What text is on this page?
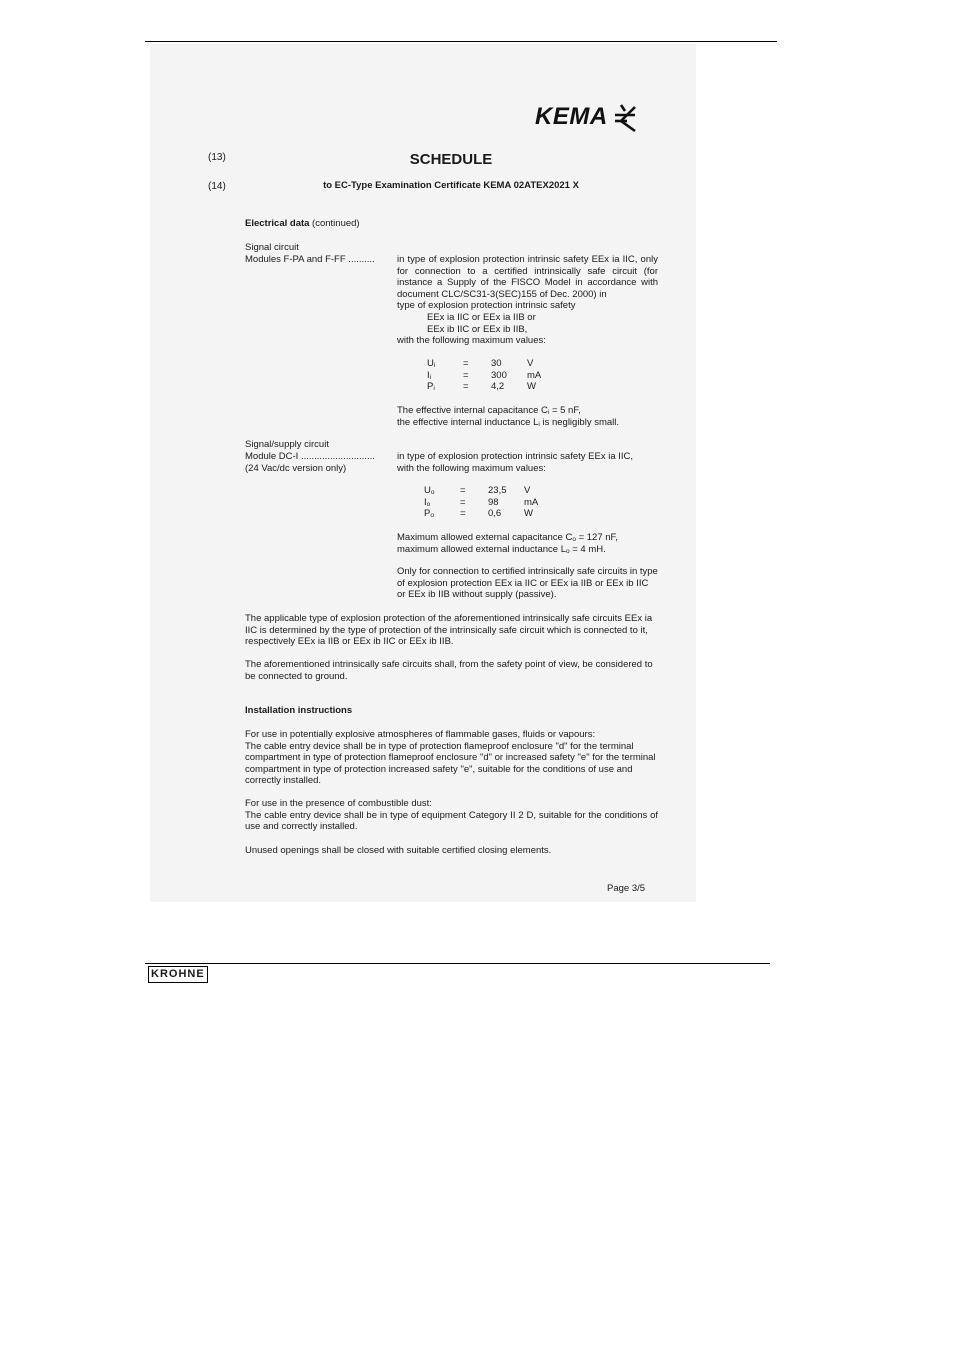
KEMA
(13)	SCHEDULE
(14)	to EC-Type Examination Certificate KEMA 02ATEX2021 X
Electrical data (continued)
Signal circuit
Modules F-PA and F-FF ..........	in type of explosion protection intrinsic safety EEx ia IIC, only for connection to a certified intrinsically safe circuit (for instance a Supply of the FISCO Model in accordance with document CLC/SC31-3(SEC)155 of Dec. 2000) in
type of explosion protection intrinsic safety
EEx ia IIC or EEx ia IIB or
EEx ib IIC or EEx ib IIB,
with the following maximum values:
$U_i$	=	30	V
$I_i$	=	300	mA
$P_i$	=	4,2	W
The effective internal capacitance $C_i = 5$ nF,
the effective internal inductance $L_i$ is negligibly small.
Signal/supply circuit
Module DC-I ............................
(24 Vac/dc version only)
in type of explosion protection intrinsic safety EEx ia IIC,
with the following maximum values:
$U_o$	=	23,5	V
$I_o$	=	98	mA
$P_o$	=	0,6	W
Maximum allowed external capacitance $C_o = 127$ nF,
maximum allowed external inductance $L_o = 4$ mH.
Only for connection to certified intrinsically safe circuits in type of explosion protection EEx ia IIC or EEx ia IIB or EEx ib IIC or EEx ib IIB without supply (passive).
The applicable type of explosion protection of the aforementioned intrinsically safe circuits EEx ia IIC is determined by the type of protection of the intrinsically safe circuit which is connected to it, respectively EEx ia IIB or EEx ib IIC or EEx ib IIB.
The aforementioned intrinsically safe circuits shall, from the safety point of view, be considered to be connected to ground.
Installation instructions
For use in potentially explosive atmospheres of flammable gases, fluids or vapours:
The cable entry device shall be in type of protection flameproof enclosure "d" for the terminal compartment in type of protection flameproof enclosure "d" or increased safety "e" for the terminal compartment in type of protection increased safety "e", suitable for the conditions of use and correctly installed.
For use in the presence of combustible dust:
The cable entry device shall be in type of equipment Category II 2 D, suitable for the conditions of use and correctly installed.
Unused openings shall be closed with suitable certified closing elements.
Page 3/5
KROHNE
